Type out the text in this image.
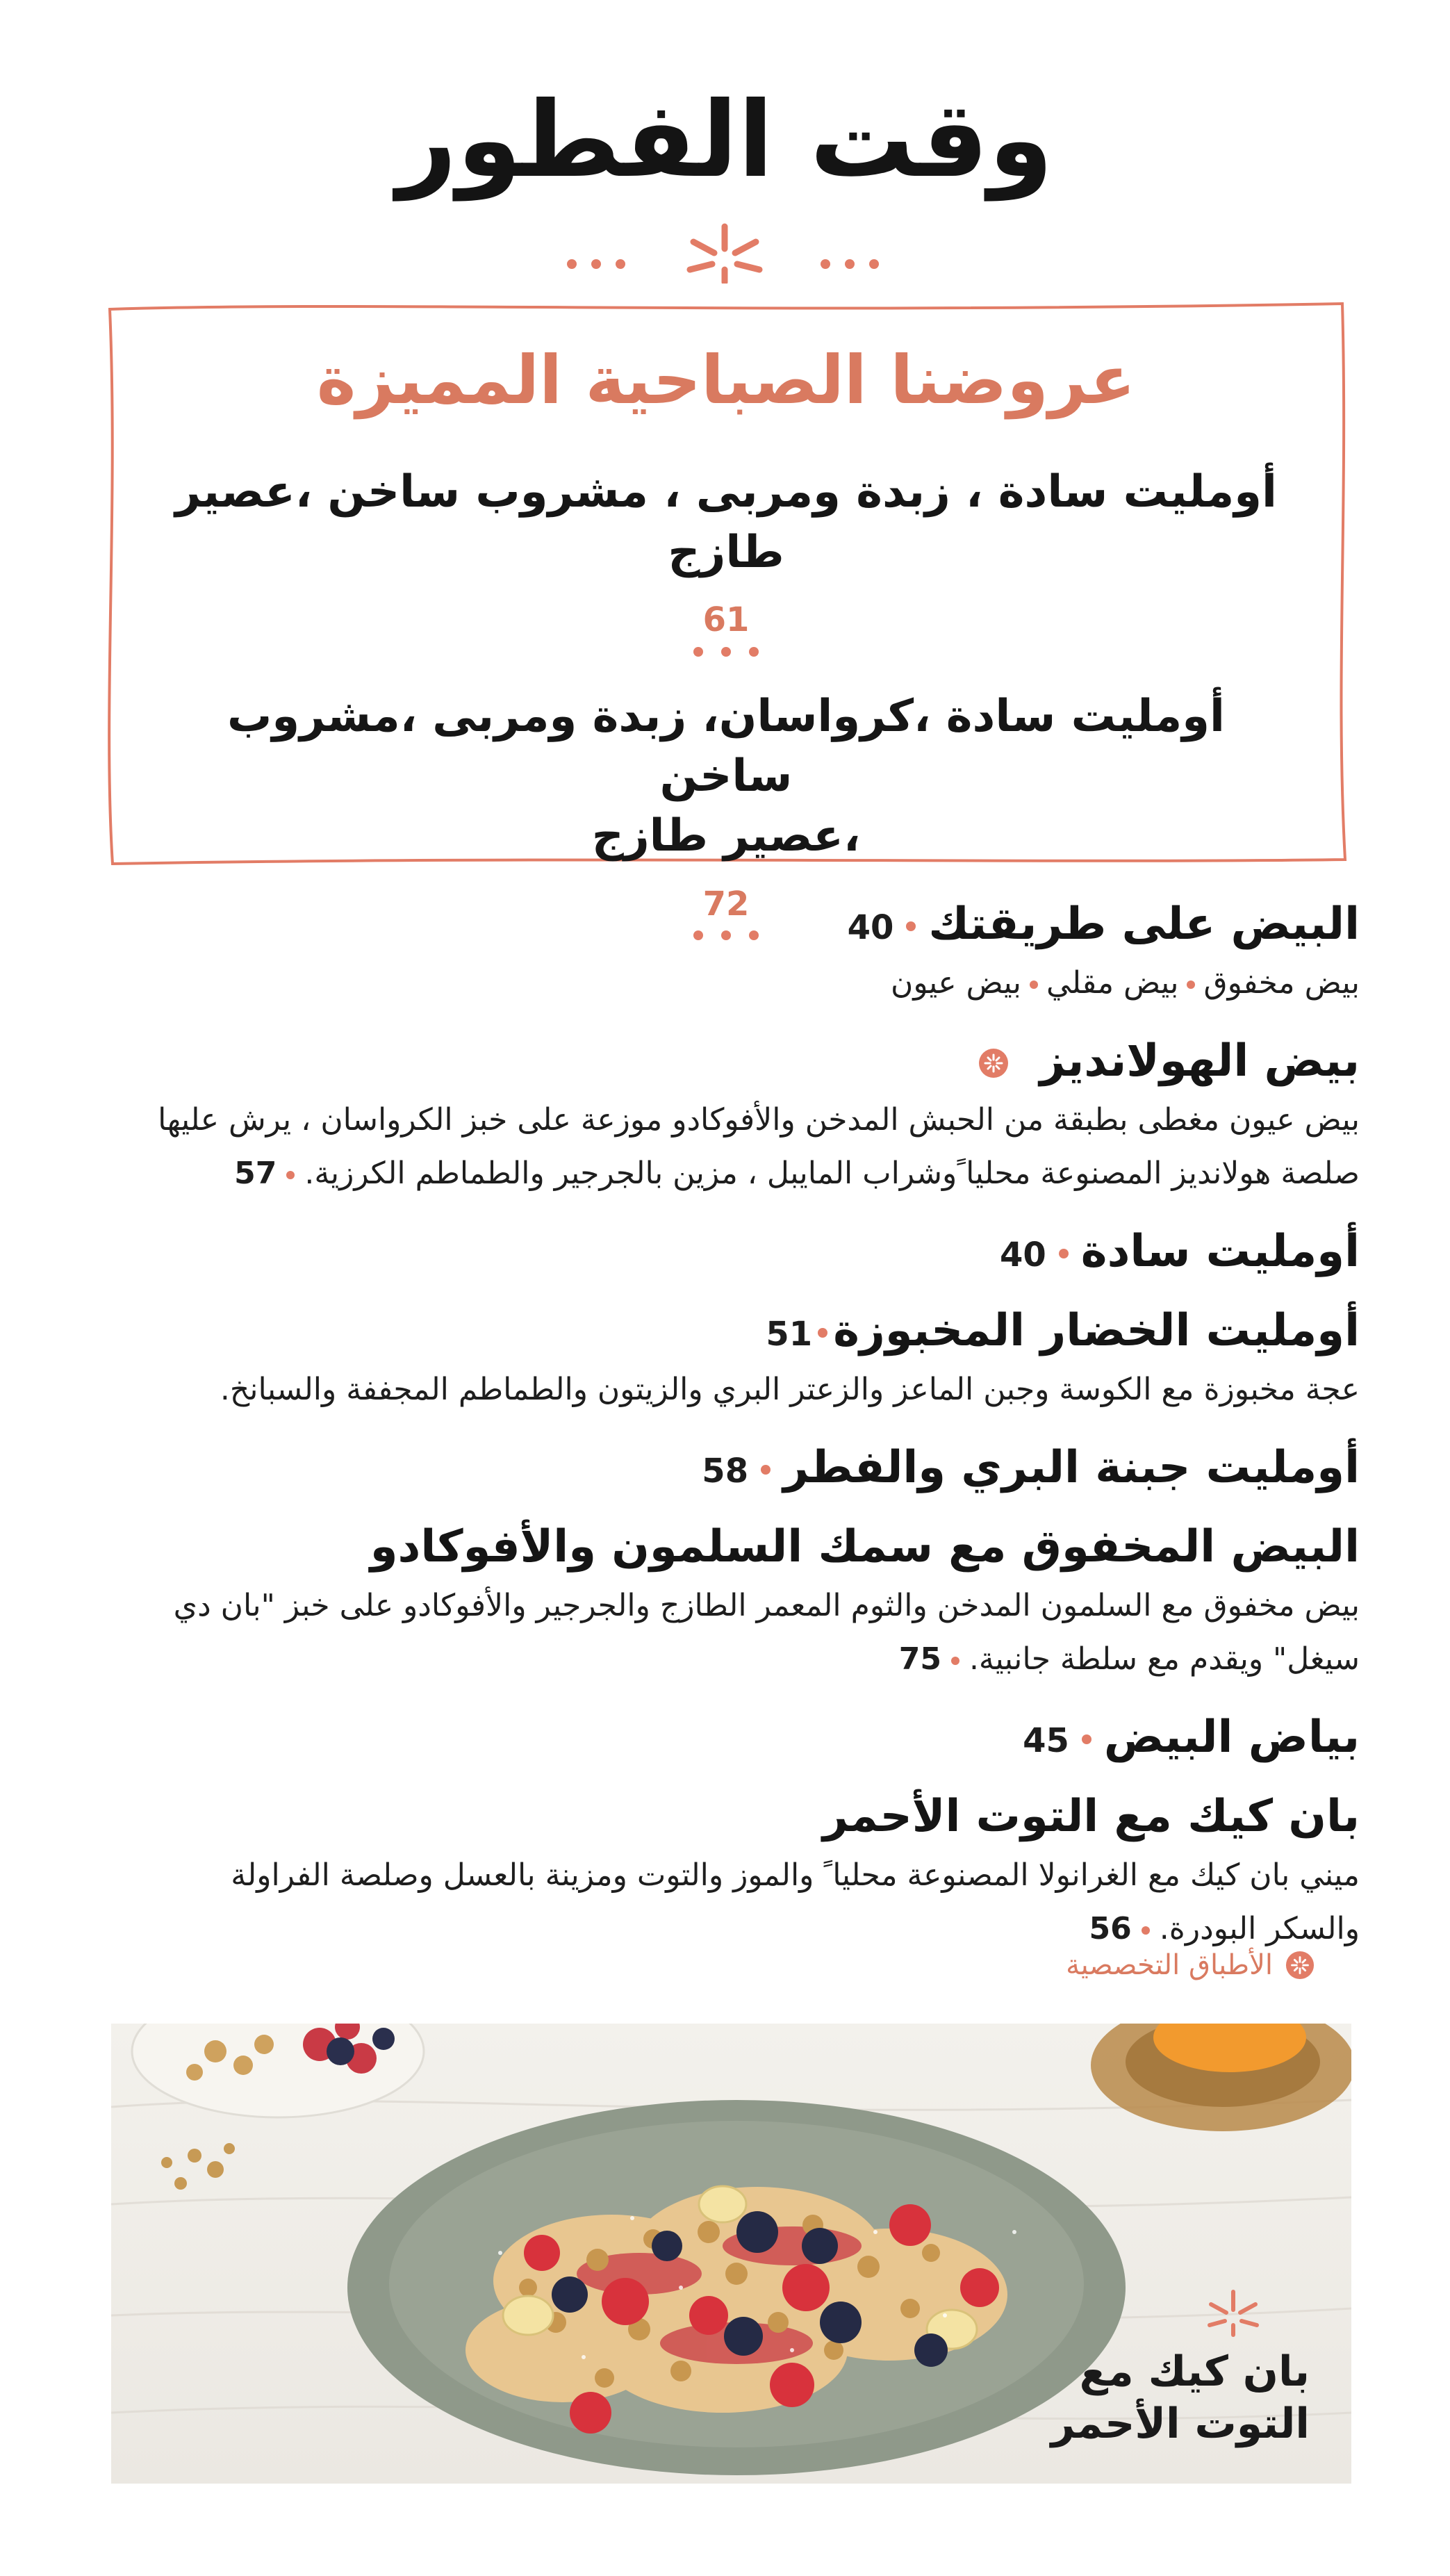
وقت الفطور
عروضنا الصباحية المميزة

أومليت سادة ، زبدة ومربى ، مشروب ساخن ،عصير طازج

61

أومليت سادة ،كرواسان، زبدة ومربى ،مشروب ساخن
،عصير طازج

72	البيض على طريقتك40

بيض مخفوقبيض مقليبيض عيون

بيض الهولانديز

بيض عيون مغطى بطبقة من الحبش المدخن والأفوكادو موزعة على خبز الكرواسان ، يرش عليها
صلصة هولانديز المصنوعة محليا ًوشراب المايبل ، مزين بالجرجير والطماطم الكرزية.57

أومليت سادة40
أومليت الخضار المخبوزة51

عجة مخبوزة مع الكوسة وجبن الماعز والزعتر البري والزيتون والطماطم المجففة والسبانخ.

أومليت جبنة البري والفطر58
البيض المخفوق مع سمك السلمون والأفوكادو

بيض مخفوق مع السلمون المدخن والثوم المعمر الطازج والجرجير والأفوكادو على خبز "بان دي
سيغل" ويقدم مع سلطة جانبية.75

بياض البيض45
بان كيك مع التوت الأحمر

ميني بان كيك مع الغرانولا المصنوعة محليا ً والموز والتوت ومزينة بالعسل وصلصة الفراولة
والسكر البودرة.56

الأطباق التخصصية
بان كيك مع
التوت الأحمر
